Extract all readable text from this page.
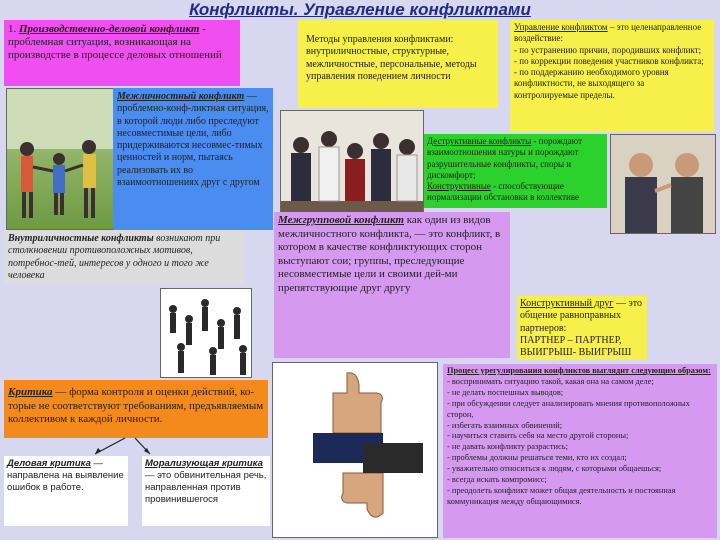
Конфликты. Управление конфликтами
1. Производственно-деловой конфликт - проблемная ситуация, возникающая на производстве в процессе деловых отношений
Межличностный конфликт — проблемно-конф-ликтная ситуация, в которой люди либо преследуют несовместимые цели, либо придерживаются несовмес-тимых ценностей и норм, пытаясь реализовать их во взаимоотношениях друг с другом
Внутриличностные конфликты возникают при столкновении противоположных мотивов, потребнос-тей, интересов у одного и того же человека
Методы управления конфликтами: внутриличностные, структурные, межличностные, персональные, методы управления поведением личности
Управление конфликтом – это целенаправленное воздействие:
- по устранению причин, породивших конфликт;
- по коррекции поведения участников конфликта;
- по поддержанию необходимого уровня конфликтности, не выходящего за контролируемые пределы.
Деструктивные конфликты - порождают взаимоотношения натуры и порождают разрушительные конфликты, споры и дискомфорт;
Конструктивные - способствующие нормализации обстановки в коллективе
Межгрупповой конфликт как один из видов межличностного конфликта, — это конфликт, в котором в качестве конфликтующих сторон выступают сои; группы, преследующие несовместимые цели и своими дей-ми препятствующие друг другу
Конструктивный друг — это общение равноправных партнеров:
ПАРТНЕР – ПАРТНЕР,
ВЫИГРЫШ- ВЫИГРЫШ
Критика — форма контроля и оценки действий, ко-торые не соответствуют требованиям, предъявляемым коллективом к каждой личности.
Деловая критика — направлена на выявление ошибок в работе.
Морализующая критика — это обвинительная речь, направленная против провинившегося
Процесс урегулирования конфликтов выглядит следующим образом:
- воспринимать ситуацию такой, какая она на самом деле;
- не делать поспешных выводов;
- при обсуждении следует анализировать мнения противоположных сторон,
- избегать взаимных обвинений;
- научиться ставить себя на место другой стороны;
- не давать конфликту разрастись;
- проблемы должны решаться теми, кто их создал;
- уважительно относиться к людям, с которыми общаешься;
- всегда искать компромисс;
- преодолеть конфликт может общая деятельность и постоянная коммуникация между общающимися.
